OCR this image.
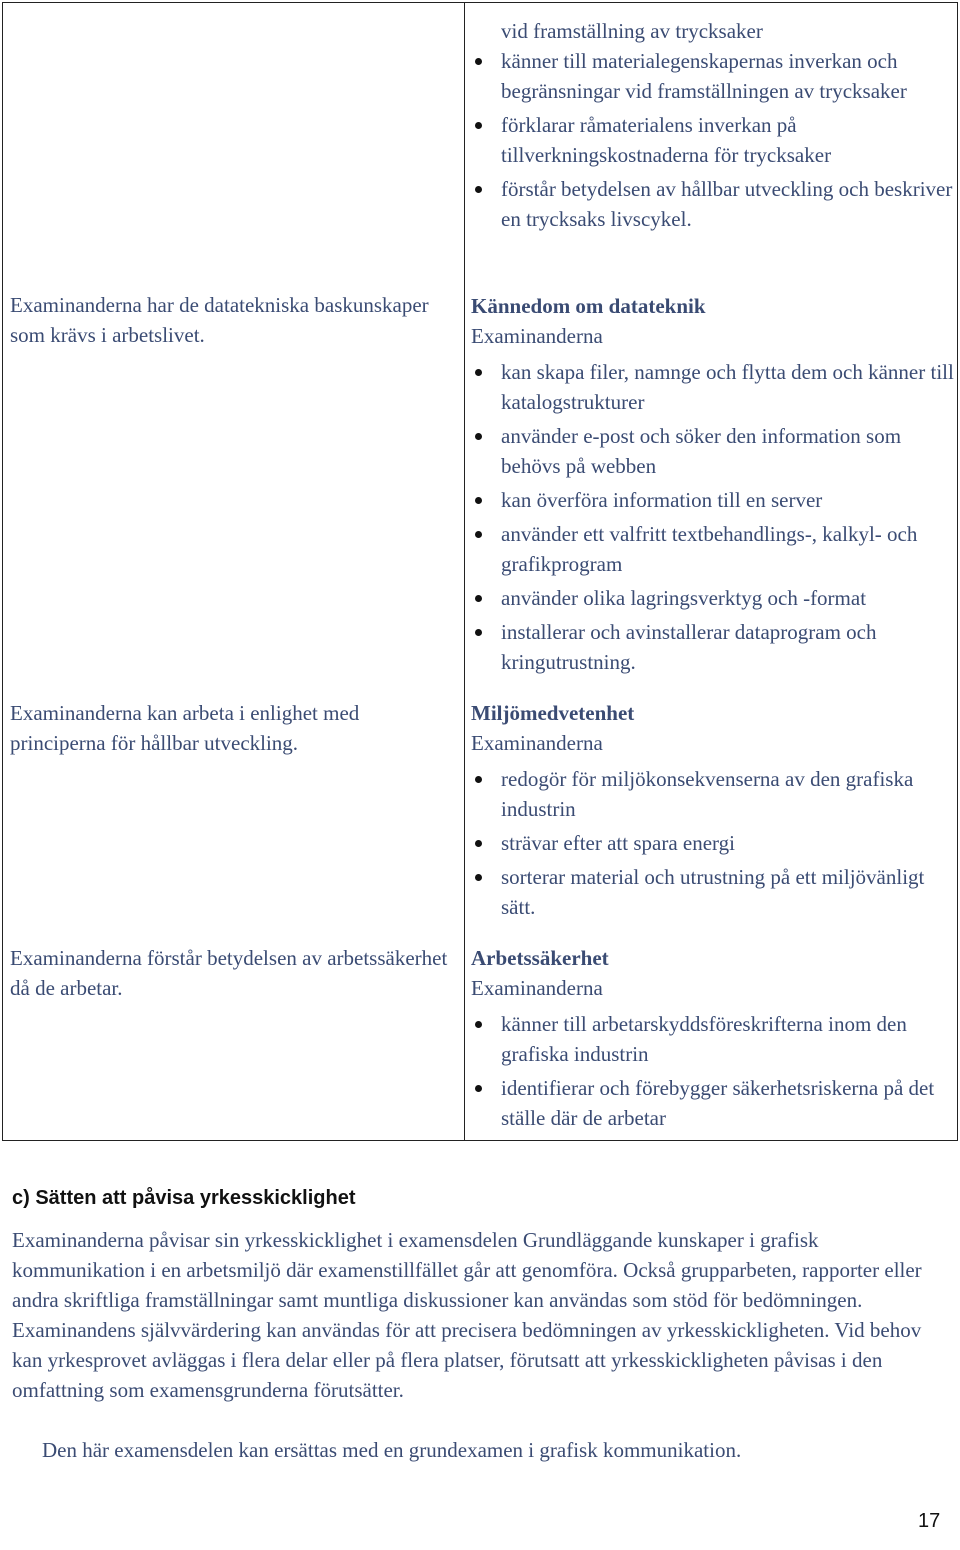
Examinanderna har de datatekniska baskunskaper som krävs i arbetslivet.
Examinanderna kan arbeta i enlighet med principerna för hållbar utveckling.
Examinanderna förstår betydelsen av arbetssäkerhet då de arbetar.
vid framställning av trycksaker
känner till materialegenskapernas inverkan och begränsningar vid framställningen av trycksaker
förklarar råmaterialens inverkan på tillverkningskostnaderna för trycksaker
förstår betydelsen av hållbar utveckling och beskriver en trycksaks livscykel.
Kännedom om datateknik
Examinanderna
kan skapa filer, namnge och flytta dem och känner till katalogstrukturer
använder e-post och söker den information som behövs på webben
kan överföra information till en server
använder ett valfritt textbehandlings-, kalkyl- och grafikprogram
använder olika lagringsverktyg och -format
installerar och avinstallerar dataprogram och kringutrustning.
Miljömedvetenhet
Examinanderna
redogör för miljökonsekvenserna av den grafiska industrin
strävar efter att spara energi
sorterar material och utrustning på ett miljövänligt sätt.
Arbetssäkerhet
Examinanderna
känner till arbetarskyddsföreskrifterna inom den grafiska industrin
identifierar och förebygger säkerhetsriskerna på det ställe där de arbetar
c) Sätten att påvisa yrkesskicklighet
Examinanderna påvisar sin yrkesskicklighet i examensdelen Grundläggande kunskaper i grafisk kommunikation i en arbetsmiljö där examenstillfället går att genomföra. Också grupparbeten, rapporter eller andra skriftliga framställningar samt muntliga diskussioner kan användas som stöd för bedömningen. Examinandens självvärdering kan användas för att precisera bedömningen av yrkesskickligheten. Vid behov kan yrkesprovet avläggas i flera delar eller på flera platser, förutsatt att yrkesskickligheten påvisas i den omfattning som examensgrunderna förutsätter.
Den här examensdelen kan ersättas med en grundexamen i grafisk kommunikation.
17
